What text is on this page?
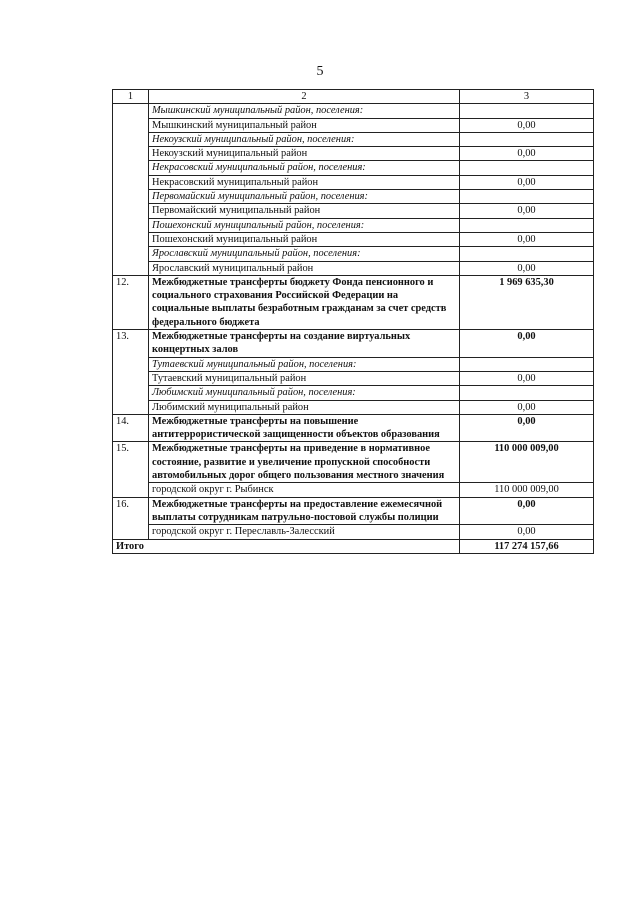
5
1	2	3
	Мышкинский муниципальный район, поселения:	
	Мышкинский муниципальный район	0,00
	Некоузский муниципальный район, поселения:	
	Некоузский муниципальный район	0,00
	Некрасовский муниципальный район, поселения:	
	Некрасовский муниципальный район	0,00
	Первомайский муниципальный район, поселения:	
	Первомайский муниципальный район	0,00
	Пошехонский муниципальный район, поселения:	
	Пошехонский муниципальный район	0,00
	Ярославский муниципальный район, поселения:	
	Ярославский муниципальный район	0,00
12.	Межбюджетные трансферты бюджету Фонда пенсионного и социального страхования Российской Федерации на социальные выплаты безработным гражданам за счет средств федерального бюджета	1 969 635,30
13.	Межбюджетные трансферты на создание виртуальных концертных залов	0,00
	Тутаевский муниципальный район, поселения:	
	Тутаевский муниципальный район	0,00
	Любимский муниципальный район, поселения:	
	Любимский муниципальный район	0,00
14.	Межбюджетные трансферты на повышение антитеррористической защищенности объектов образования	0,00
15.	Межбюджетные трансферты на приведение в нормативное состояние, развитие и увеличение пропускной способности автомобильных дорог общего пользования местного значения	110 000 009,00
	городской округ г. Рыбинск	110 000 009,00
16.	Межбюджетные трансферты на предоставление ежемесячной выплаты сотрудникам патрульно-постовой службы полиции	0,00
	городской округ г. Переславль-Залесский	0,00
Итого		117 274 157,66
